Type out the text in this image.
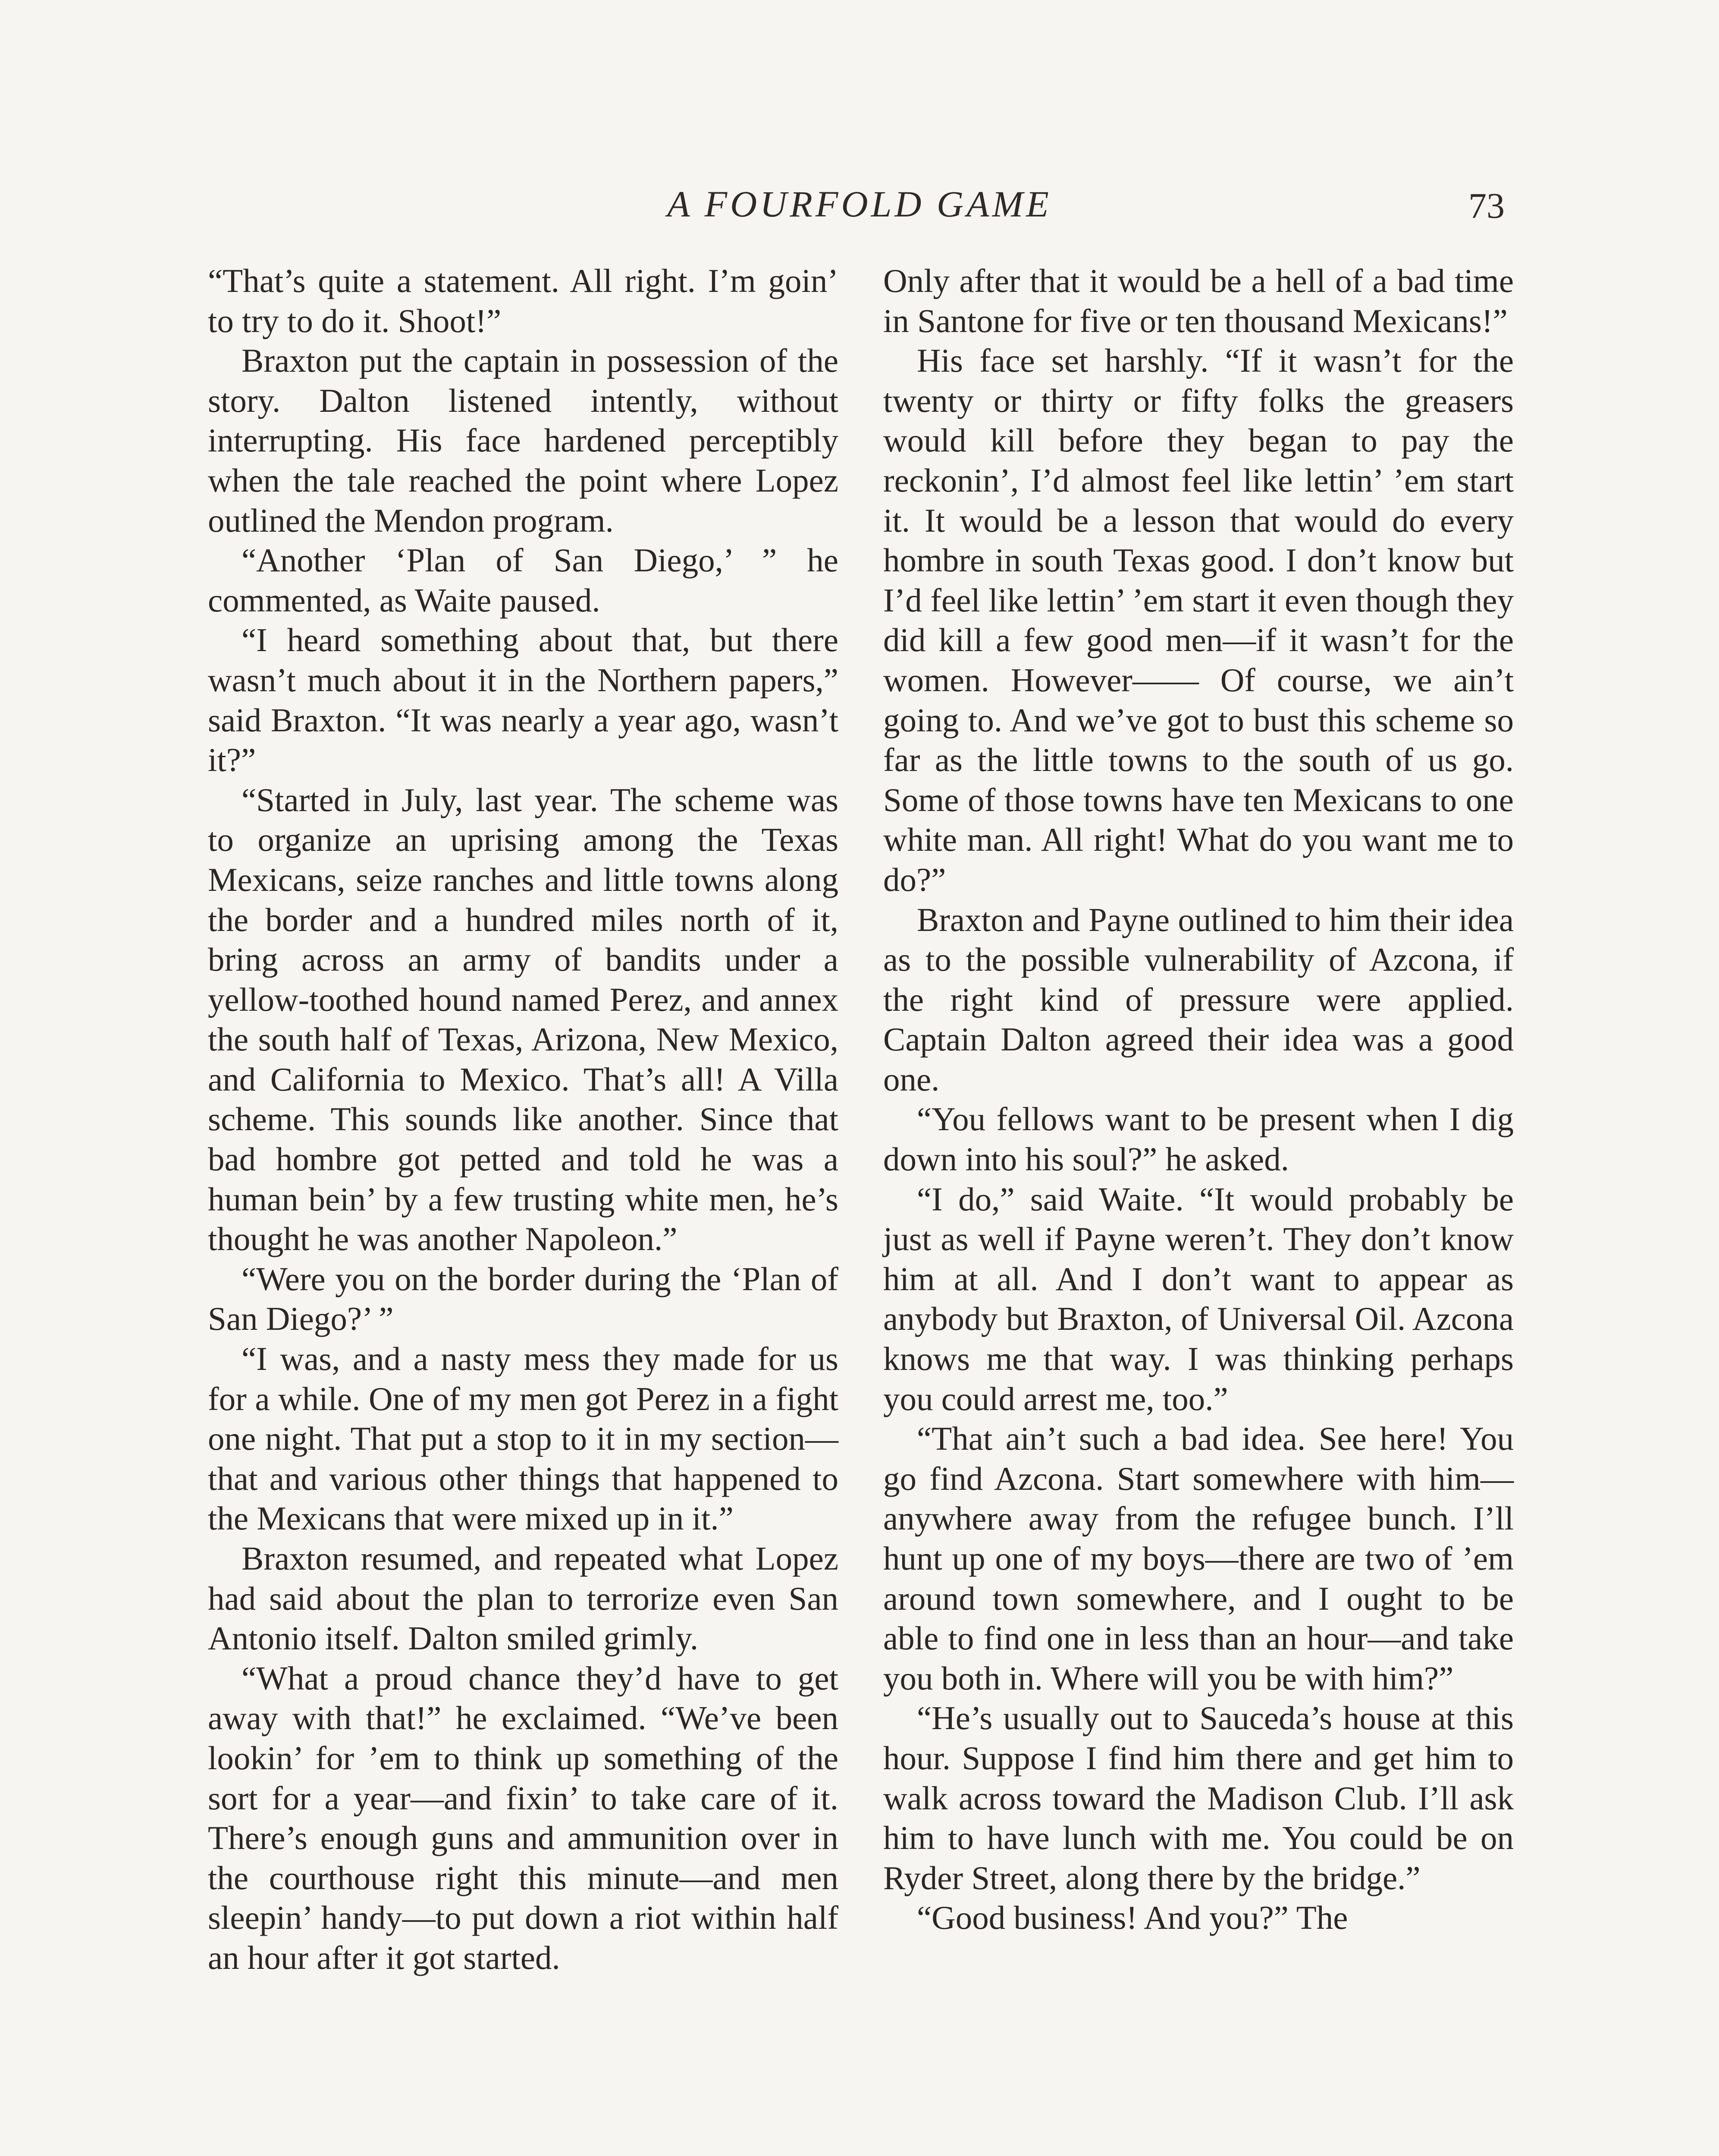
A FOURFOLD GAME	73

“That’s quite a statement. All right. I’m goin’ to try to do it. Shoot!”

Braxton put the captain in possession of the story. Dalton listened intently, without interrupting. His face hardened perceptibly when the tale reached the point where Lopez outlined the Mendon program.

“Another ‘Plan of San Diego,’ ” he commented, as Waite paused.

“I heard something about that, but there wasn’t much about it in the Northern papers,” said Braxton. “It was nearly a year ago, wasn’t it?”

“Started in July, last year. The scheme was to organize an uprising among the Texas Mexicans, seize ranches and little towns along the border and a hundred miles north of it, bring across an army of bandits under a yellow-toothed hound named Perez, and annex the south half of Texas, Arizona, New Mexico, and California to Mexico. That’s all! A Villa scheme. This sounds like another. Since that bad hombre got petted and told he was a human bein’ by a few trusting white men, he’s thought he was another Napoleon.”

“Were you on the border during the ‘Plan of San Diego?’ ”

“I was, and a nasty mess they made for us for a while. One of my men got Perez in a fight one night. That put a stop to it in my section—that and various other things that happened to the Mexicans that were mixed up in it.”

Braxton resumed, and repeated what Lopez had said about the plan to terrorize even San Antonio itself. Dalton smiled grimly.

“What a proud chance they’d have to get away with that!” he exclaimed. “We’ve been lookin’ for ’em to think up something of the sort for a year—and fixin’ to take care of it. There’s enough guns and ammunition over in the courthouse right this minute—and men sleepin’ handy—to put down a riot within half an hour after it got started.

Only after that it would be a hell of a bad time in Santone for five or ten thousand Mexicans!”

His face set harshly. “If it wasn’t for the twenty or thirty or fifty folks the greasers would kill before they began to pay the reckonin’, I’d almost feel like lettin’ ’em start it. It would be a lesson that would do every hombre in south Texas good. I don’t know but I’d feel like lettin’ ’em start it even though they did kill a few good men—if it wasn’t for the women. However—— Of course, we ain’t going to. And we’ve got to bust this scheme so far as the little towns to the south of us go. Some of those towns have ten Mexicans to one white man. All right! What do you want me to do?”

Braxton and Payne outlined to him their idea as to the possible vulnerability of Azcona, if the right kind of pressure were applied. Captain Dalton agreed their idea was a good one.

“You fellows want to be present when I dig down into his soul?” he asked.

“I do,” said Waite. “It would probably be just as well if Payne weren’t. They don’t know him at all. And I don’t want to appear as anybody but Braxton, of Universal Oil. Azcona knows me that way. I was thinking perhaps you could arrest me, too.”

“That ain’t such a bad idea. See here! You go find Azcona. Start somewhere with him—anywhere away from the refugee bunch. I’ll hunt up one of my boys—there are two of ’em around town somewhere, and I ought to be able to find one in less than an hour—and take you both in. Where will you be with him?”

“He’s usually out to Sauceda’s house at this hour. Suppose I find him there and get him to walk across toward the Madison Club. I’ll ask him to have lunch with me. You could be on Ryder Street, along there by the bridge.”

“Good business! And you?” The
